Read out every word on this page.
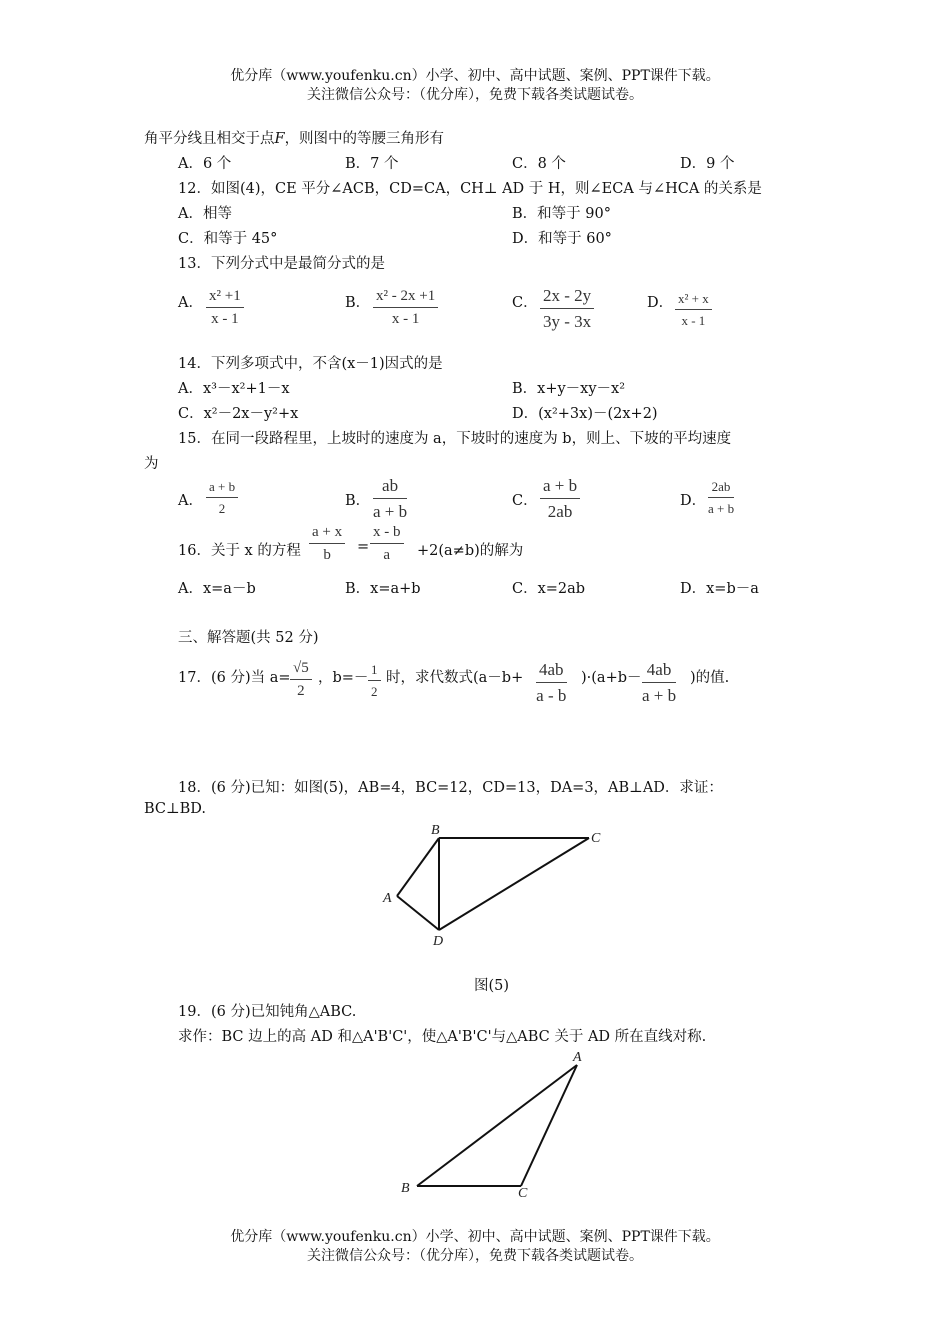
优分库（www.youfenku.cn）小学、初中、高中试题、案例、PPT课件下载。
关注微信公众号：（优分库），免费下载各类试题试卷。
角平分线且相交于点F，则图中的等腰三角形有
A．6 个	B．7 个	C．8 个	D．9 个
12．如图(4)，CE 平分∠ACB，CD=CA，CH⊥ AD 于 H，则∠ECA 与∠HCA 的关系是
A．相等	B．和等于 90°
C．和等于 45°	D．和等于 60°
13．下列分式中是最简分式的是
A． x² +1
x - 1
B． x² - 2x +1
x - 1
C． 2x - 2y
3y - 3x
D． x² + x
x - 1
14．下列多项式中，不含(x－1)因式的是
A．x³－x²+1－x	B．x+y－xy－x²
C．x²－2x－y²+x	D．(x²+3x)－(2x+2)
15．在同一段路程里，上坡时的速度为 a，下坡时的速度为 b，则上、下坡的平均速度
为
A．
a + b
2	B．
ab
a + b
C．
a + b
2ab
D．
2ab
a + b
16．关于 x 的方程
a + x
b	=
x - b
a	+2(a≠b)的解为
A．x=a－b	B．x=a+b	C．x=2ab	D．x=b－a
三、解答题(共 52 分)
17．(6 分)当 a=
√5
2
，b=－
1
2
时，求代数式(a－b+ 4ab
a - b
)·(a+b－ 4ab
a + b
)的值.
18．(6 分)已知：如图(5)，AB=4，BC=12，CD=13，DA=3，AB⊥AD．求证：
BC⊥BD.
B
C
A
D
图(5)
19．(6 分)已知钝角△ABC.
求作：BC 边上的高 AD 和△A'B'C'，使△A'B'C'与△ABC 关于 AD 所在直线对称.
A
B	C
优分库（www.youfenku.cn）小学、初中、高中试题、案例、PPT课件下载。
关注微信公众号：（优分库），免费下载各类试题试卷。
